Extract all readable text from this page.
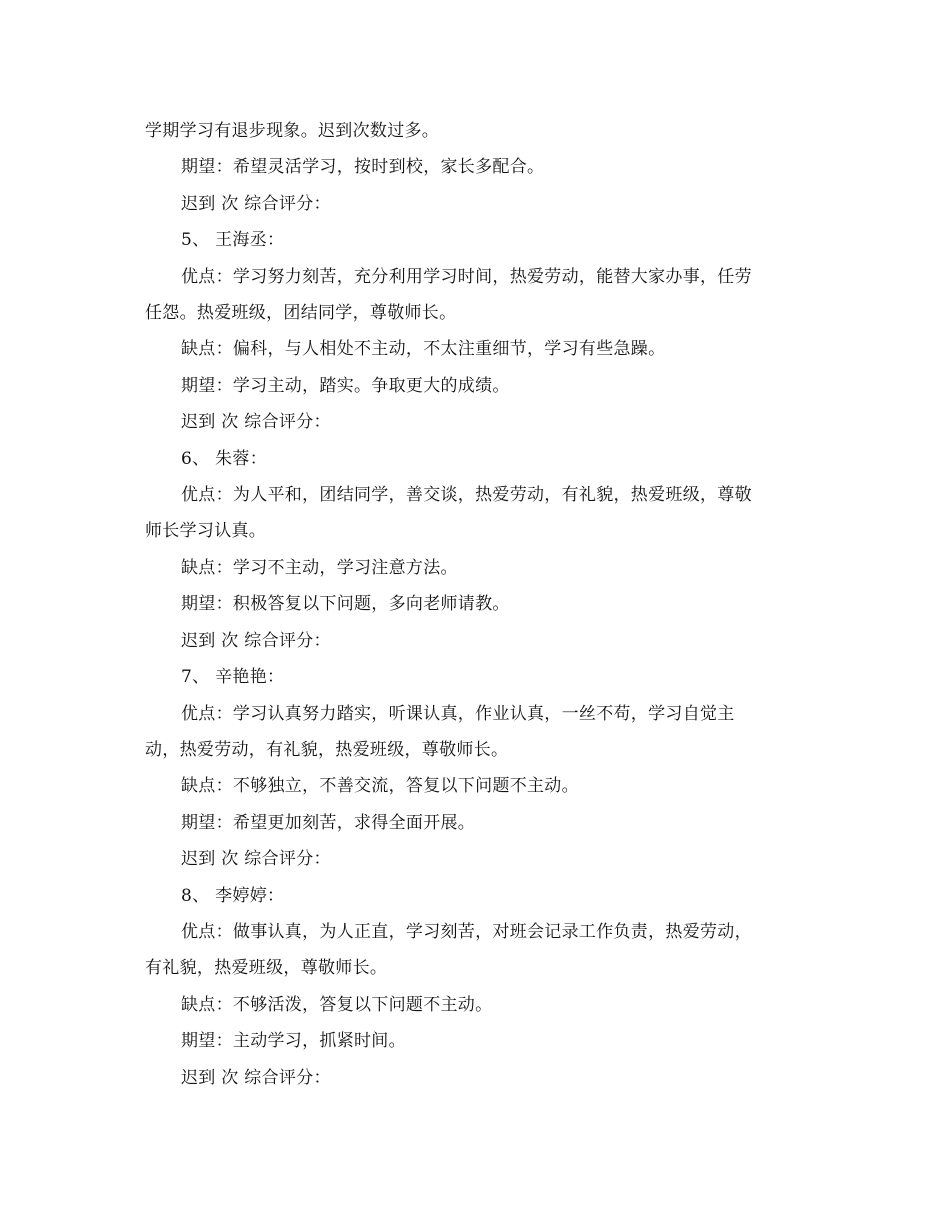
学期学习有退步现象。迟到次数过多。

期望：希望灵活学习，按时到校，家长多配合。

迟到 次 综合评分：

5、 王海丞：

优点：学习努力刻苦，充分利用学习时间，热爱劳动，能替大家办事，任劳

任怨。热爱班级，团结同学，尊敬师长。

缺点：偏科，与人相处不主动，不太注重细节，学习有些急躁。

期望：学习主动，踏实。争取更大的成绩。

迟到 次 综合评分：

6、 朱蓉：

优点：为人平和，团结同学，善交谈，热爱劳动，有礼貌，热爱班级，尊敬

师长学习认真。

缺点：学习不主动，学习注意方法。

期望：积极答复以下问题，多向老师请教。

迟到 次 综合评分：

7、 辛艳艳：

优点：学习认真努力踏实，听课认真，作业认真，一丝不苟，学习自觉主

动，热爱劳动，有礼貌，热爱班级，尊敬师长。

缺点：不够独立，不善交流，答复以下问题不主动。

期望：希望更加刻苦，求得全面开展。

迟到 次 综合评分：

8、 李婷婷：

优点：做事认真，为人正直，学习刻苦，对班会记录工作负责，热爱劳动，

有礼貌，热爱班级，尊敬师长。

缺点：不够活泼，答复以下问题不主动。

期望：主动学习，抓紧时间。

迟到 次 综合评分：
